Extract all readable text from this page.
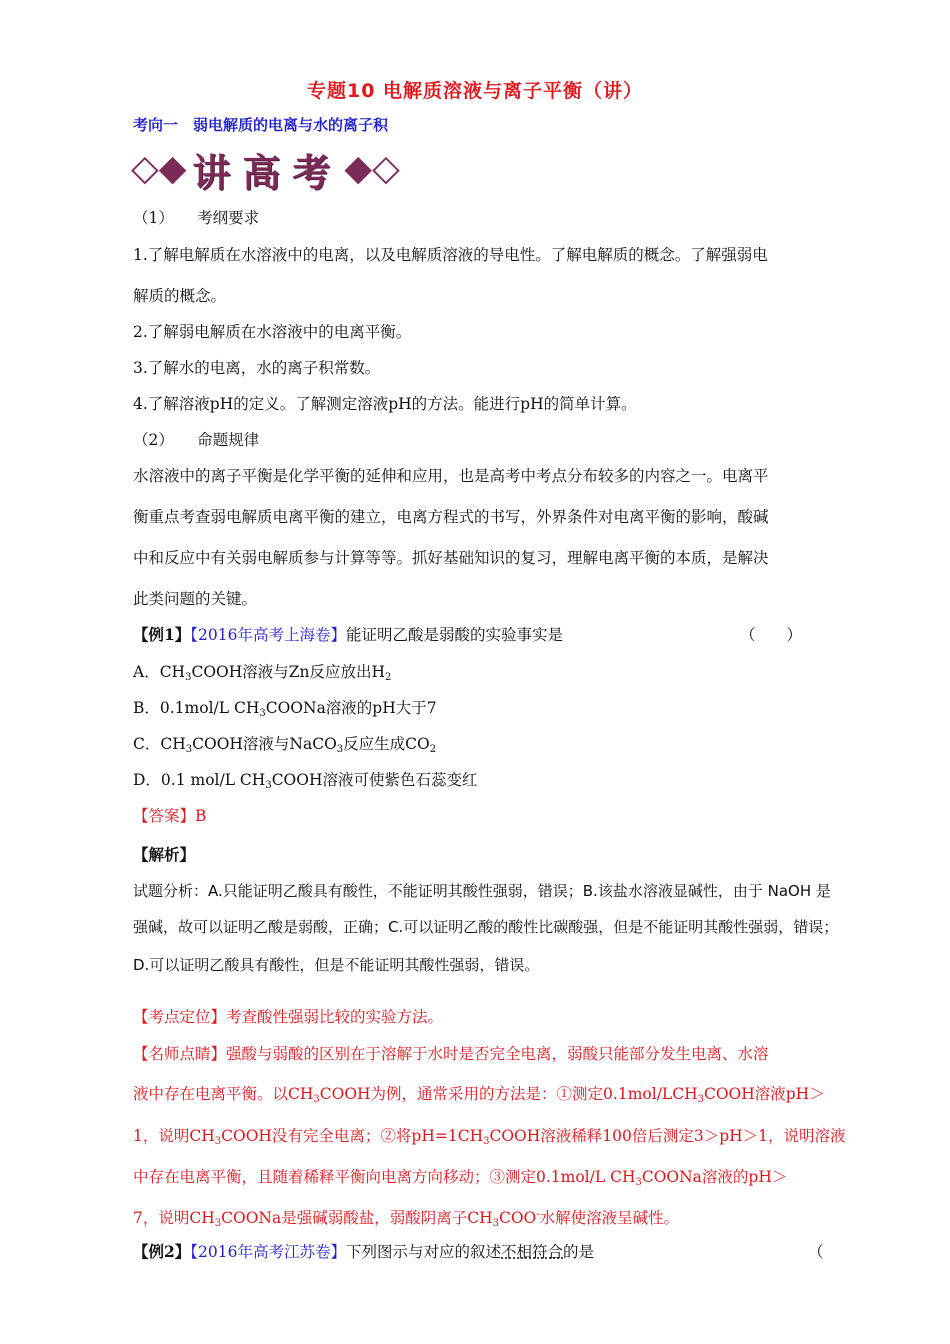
专题10 电解质溶液与离子平衡（讲）
考向一　弱电解质的电离与水的离子积
◇ ◆ 讲高考 ◆ ◇
（1）　　考纲要求
1.了解电解质在水溶液中的电离，以及电解质溶液的导电性。了解电解质的概念。了解强弱电
解质的概念。
2.了解弱电解质在水溶液中的电离平衡。
3.了解水的电离，水的离子积常数。
4.了解溶液pH的定义。了解测定溶液pH的方法。能进行pH的简单计算。
（2）　　命题规律
水溶液中的离子平衡是化学平衡的延伸和应用，也是高考中考点分布较多的内容之一。电离平
衡重点考查弱电解质电离平衡的建立，电离方程式的书写，外界条件对电离平衡的影响，酸碱
中和反应中有关弱电解质参与计算等等。抓好基础知识的复习，理解电离平衡的本质，是解决
此类问题的关键。
【例1】【2016年高考上海卷】能证明乙酸是弱酸的实验事实是	（　　）
A．$CH_3COOH$溶液与Zn反应放出$H_2$
B．0.1mol/L $CH_3COONa$溶液的pH大于7
C．$CH_3COOH$溶液与NaCO$_3$反应生成$CO_2$
D．0.1 mol/L $CH_3COOH$溶液可使紫色石蕊变红
【答案】B
【解析】
试题分析：A.只能证明乙酸具有酸性，不能证明其酸性强弱，错误；B.该盐水溶液显碱性，由于 NaOH 是
强碱，故可以证明乙酸是弱酸，正确；C.可以证明乙酸的酸性比碳酸强，但是不能证明其酸性强弱，错误；
D.可以证明乙酸具有酸性，但是不能证明其酸性强弱，错误。
【考点定位】考查酸性强弱比较的实验方法。
【名师点睛】强酸与弱酸的区别在于溶解于水时是否完全电离，弱酸只能部分发生电离、水溶
液中存在电离平衡。以$CH_3COOH$为例，通常采用的方法是：①测定$0.1mol/LCH_3COOH$溶液pH＞
1，说明$CH_3COOH$没有完全电离；②将$pH=1CH_3COOH$溶液稀释100倍后测定3＞pH＞1，说明溶液
中存在电离平衡，且随着稀释平衡向电离方向移动；③测定0.1mol/L $CH_3COONa$溶液的pH＞
7，说明$CH_3COONa$是强碱弱酸盐，弱酸阴离子$CH_3COO^-$水解使溶液呈碱性。
【例2】【2016年高考江苏卷】下列图示与对应的叙述不相符合的是	（
